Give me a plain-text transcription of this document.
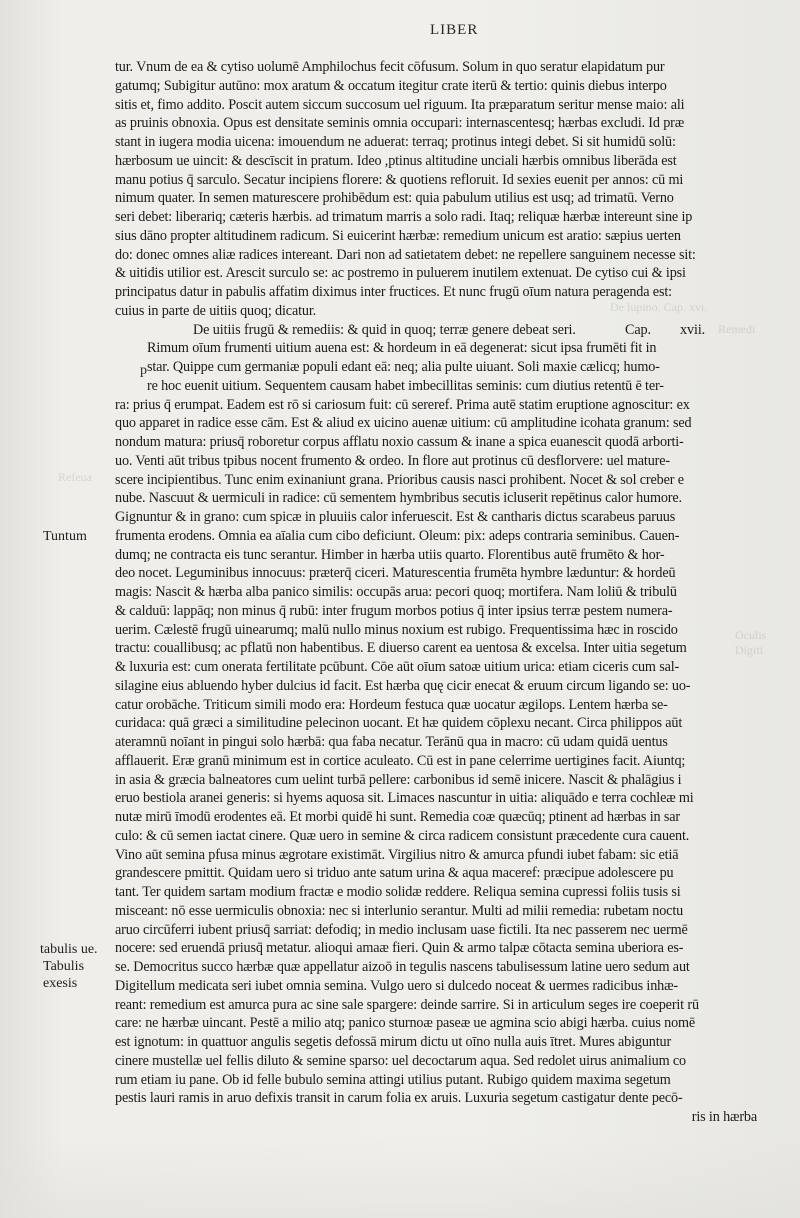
De lupino. Cap. xvi.
Remedi
Refeua
Oculis
Digiti
LIBER
Tuntum
tabulis ue.
Tabulis
exesis
p
tur. Vnum de ea & cytiso uolumē Amphilochus fecit cōfusum. Solum in quo seratur elapidatum pur
gatumq; Subigitur autūno: mox aratum & occatum itegitur crate iterū & tertio: quinis diebus interpo
sitis et, fimo addito. Poscit autem siccum succosum uel riguum. Ita præparatum seritur mense maio: ali
as pruinis obnoxia. Opus est densitate seminis omnia occupari: internascentesq; hærbas excludi. Id præ
stant in iugera modia uicena: imouendum ne aduerat: terraq; protinus integi debet. Si sit humidū solū:
hærbosum ue uincit: & descīscit in pratum. Ideo ,ptinus altitudine unciali hærbis omnibus liberāda est
manu potius q̄ sarculo. Secatur incipiens florere: & quotiens refloruit. Id sexies euenit per annos: cū mi
nimum quater. In semen maturescere prohibēdum est: quia pabulum utilius est usq; ad trimatū. Verno
seri debet: liberariq; cæteris hærbis. ad trimatum marris a solo radi. Itaq; reliquæ hærbæ intereunt sine ip
sius dāno propter altitudinem radicum. Si euicerint hærbæ: remedium unicum est aratio: sæpius uerten
do: donec omnes aliæ radices intereant. Dari non ad satietatem debet: ne repellere sanguinem necesse sit:
& uitidis utilior est. Arescit surculo se: ac postremo in puluerem inutilem extenuat. De cytiso cui & ipsi
principatus datur in pabulis affatim diximus inter fructices. Et nunc frugū oīum natura peragenda est:
cuius in parte de uitiis quoq; dicatur.
De uitiis frugū & remediis: & quid in quoq; terræ genere debeat seri.	Cap. xvii.
Rimum oīum frumenti uitium auena est: & hordeum in eā degenerat: sicut ipsa frumēti fit in
star. Quippe cum germaniæ populi edant eā: neq; alia pulte uiuant. Soli maxie cælicq; humo-
re hoc euenit uitium. Sequentem causam habet imbecillitas seminis: cum diutius retentū ē ter-
ra: prius q̄ erumpat. Eadem est rō si cariosum fuit: cū sereref. Prima autē statim eruptione agnoscitur: ex
quo apparet in radice esse cām. Est & aliud ex uicino auenæ uitium: cū amplitudine icohata granum: sed
nondum matura: priusq̄ roboretur corpus afflatu noxio cassum & inane a spica euanescit quodā arborti-
uo. Venti aūt tribus tpibus nocent frumento & ordeo. In flore aut protinus cū desflorvere: uel mature-
scere incipientibus. Tunc enim exinaniunt grana. Prioribus causis nasci prohibent. Nocet & sol creber e
nube. Nascuut & uermiculi in radice: cū sementem hymbribus secutis icluserit repētinus calor humore.
Gignuntur & in grano: cum spicæ in pluuiis calor inferuescit. Est & cantharis dictus scarabeus paruus
frumenta erodens. Omnia ea aīalia cum cibo deficiunt. Oleum: pix: adeps contraria seminibus. Cauen-
dumq; ne contracta eis tunc serantur. Himber in hærba utiis quarto. Florentibus autē frumēto & hor-
deo nocet. Leguminibus innocuus: præterq̄ ciceri. Maturescentia frumēta hymbre læduntur: & hordeū
magis: Nascit & hærba alba panico similis: occupās arua: pecori quoq; mortifera. Nam loliū & tribulū
& calduū: lappāq; non minus q̄ rubū: inter frugum morbos potius q̄ inter ipsius terræ pestem numera-
uerim. Cælestē frugū uinearumq; malū nullo minus noxium est rubigo. Frequentissima hæc in roscido
tractu: couallibusq; ac pflatū non habentibus. E diuerso carent ea uentosa & excelsa. Inter uitia segetum
& luxuria est: cum onerata fertilitate pcūbunt. Cōe aūt oīum satoæ uitium urica: etiam ciceris cum sal-
silagine eius abluendo hyber dulcius id facit. Est hærba quę cicir enecat & eruum circum ligando se: uo-
catur orobāche. Triticum simili modo era: Hordeum festuca quæ uocatur ægilops. Lentem hærba se-
curidaca: quā græci a similitudine pelecinon uocant. Et hæ quidem cōplexu necant. Circa philippos aūt
ateramnū noīant in pingui solo hærbā: qua faba necatur. Terānū qua in macro: cū udam quidā uentus
afflauerit. Eræ granū minimum est in cortice aculeato. Cū est in pane celerrime uertigines facit. Aiuntq;
in asia & græcia balneatores cum uelint turbā pellere: carbonibus id semē inicere. Nascit & phalāgius i
eruo bestiola aranei generis: si hyems aquosa sit. Limaces nascuntur in uitia: aliquādo e terra cochleæ mi
nutæ mirū īmodū erodentes eā. Et morbi quidē hi sunt. Remedia coæ quæcūq; ptinent ad hærbas in sar
culo: & cū semen iactat cinere. Quæ uero in semine & circa radicem consistunt præcedente cura cauent.
Vino aūt semina pfusa minus ægrotare existimāt. Virgilius nitro & amurca pfundi iubet fabam: sic etiā
grandescere pmittit. Quidam uero si triduo ante satum urina & aqua maceref: præcipue adolescere pu
tant. Ter quidem sartam modium fractæ e modio solidæ reddere. Reliqua semina cupressi foliis tusis si
misceant: nō esse uermiculis obnoxia: nec si interlunio serantur. Multi ad milii remedia: rubetam noctu
aruo circūferri iubent priusq̄ sarriat: defodiq; in medio inclusam uase fictili. Ita nec passerem nec uermē
nocere: sed eruendā priusq̄ metatur. alioqui amaæ fieri. Quin & armo talpæ cōtacta semina uberiora es-
se. Democritus succo hærbæ quæ appellatur aizoō in tegulis nascens tabulisessum latine uero sedum aut
Digitellum medicata seri iubet omnia semina. Vulgo uero si dulcedo noceat & uermes radicibus inhæ-
reant: remedium est amurca pura ac sine sale spargere: deinde sarrire. Si in articulum seges ire coeperit rū
care: ne hærbæ uincant. Pestē a milio atq; panico sturnoæ paseæ ue agmina scio abigi hærba. cuius nomē
est ignotum: in quattuor angulis segetis defossā mirum dictu ut oīno nulla auis ītret. Mures abiguntur
cinere mustellæ uel fellis diluto & semine sparso: uel decoctarum aqua. Sed redolet uirus animalium co
rum etiam iu pane. Ob id felle bubulo semina attingi utilius putant. Rubigo quidem maxima segetum
pestis lauri ramis in aruo defixis transit in carum folia ex aruis. Luxuria segetum castigatur dente pecō-
ris in hærba
